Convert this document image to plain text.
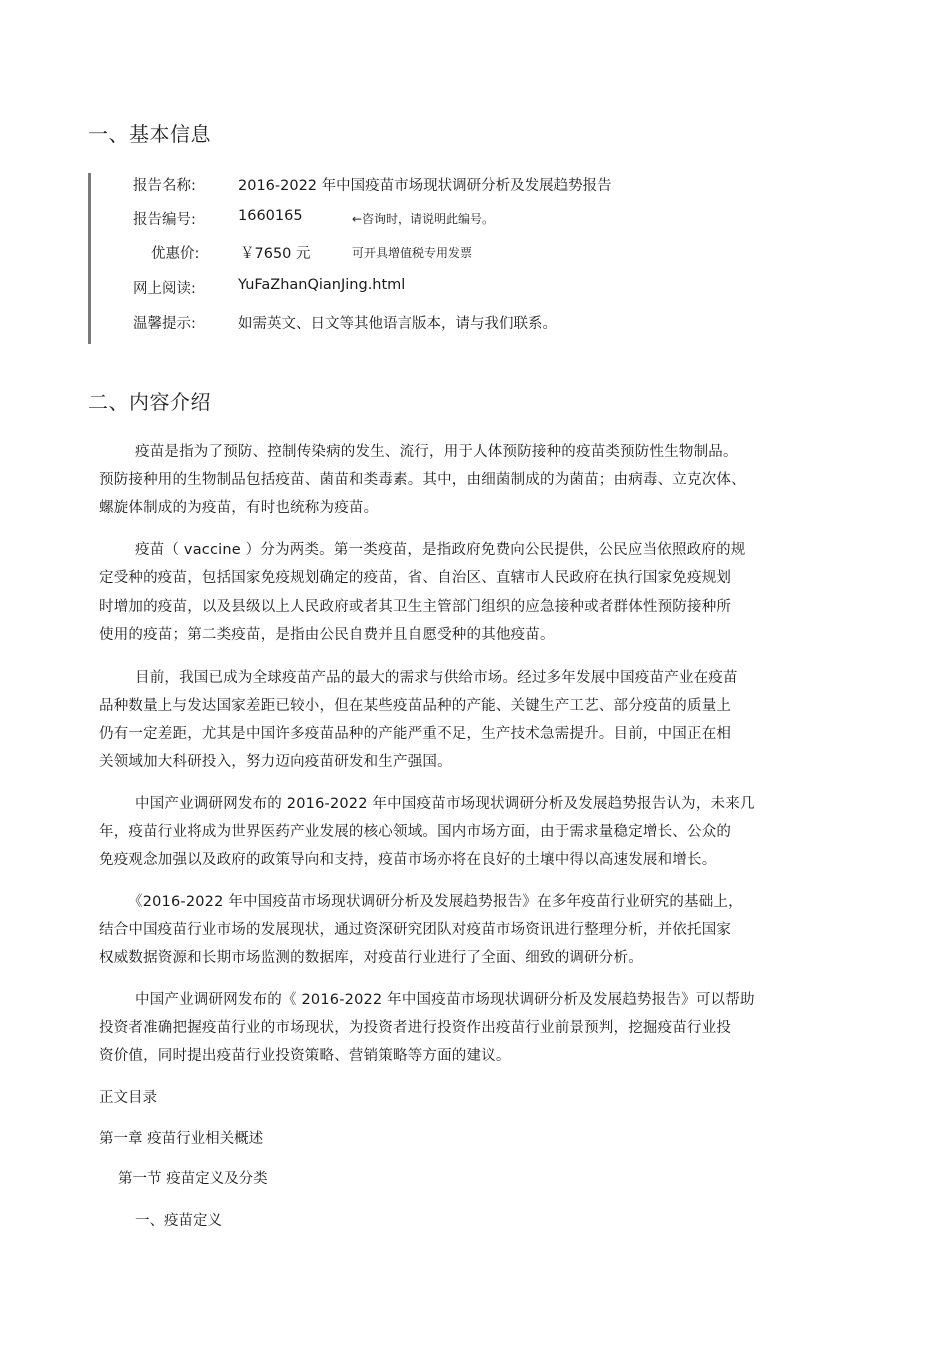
一、基本信息
报告名称:	2016-2022 年中国疫苗市场现状调研分析及发展趋势报告
报告编号:	1660165	←咨询时，请说明此编号。
优惠价:	￥7650 元	可开具增值税专用发票
网上阅读:	YuFaZhanQianJing.html
温馨提示:	如需英文、日文等其他语言版本，请与我们联系。
二、内容介绍
疫苗是指为了预防、控制传染病的发生、流行，用于人体预防接种的疫苗类预防性生物制品。
预防接种用的生物制品包括疫苗、菌苗和类毒素。其中，由细菌制成的为菌苗；由病毒、立克次体、
螺旋体制成的为疫苗，有时也统称为疫苗。
疫苗（ vaccine ）分为两类。第一类疫苗，是指政府免费向公民提供，公民应当依照政府的规
定受种的疫苗，包括国家免疫规划确定的疫苗，省、自治区、直辖市人民政府在执行国家免疫规划
时增加的疫苗，以及县级以上人民政府或者其卫生主管部门组织的应急接种或者群体性预防接种所
使用的疫苗；第二类疫苗，是指由公民自费并且自愿受种的其他疫苗。
目前，我国已成为全球疫苗产品的最大的需求与供给市场。经过多年发展中国疫苗产业在疫苗
品种数量上与发达国家差距已较小，但在某些疫苗品种的产能、关键生产工艺、部分疫苗的质量上
仍有一定差距，尤其是中国许多疫苗品种的产能严重不足，生产技术急需提升。目前，中国正在相
关领域加大科研投入，努力迈向疫苗研发和生产强国。
中国产业调研网发布的 2016-2022 年中国疫苗市场现状调研分析及发展趋势报告认为，未来几
年，疫苗行业将成为世界医药产业发展的核心领域。国内市场方面，由于需求量稳定增长、公众的
免疫观念加强以及政府的政策导向和支持，疫苗市场亦将在良好的土壤中得以高速发展和增长。
《2016-2022 年中国疫苗市场现状调研分析及发展趋势报告》在多年疫苗行业研究的基础上，
结合中国疫苗行业市场的发展现状，通过资深研究团队对疫苗市场资讯进行整理分析，并依托国家
权威数据资源和长期市场监测的数据库，对疫苗行业进行了全面、细致的调研分析。
中国产业调研网发布的《 2016-2022 年中国疫苗市场现状调研分析及发展趋势报告》可以帮助
投资者准确把握疫苗行业的市场现状，为投资者进行投资作出疫苗行业前景预判，挖掘疫苗行业投
资价值，同时提出疫苗行业投资策略、营销策略等方面的建议。
正文目录
第一章 疫苗行业相关概述
第一节 疫苗定义及分类
一、疫苗定义
